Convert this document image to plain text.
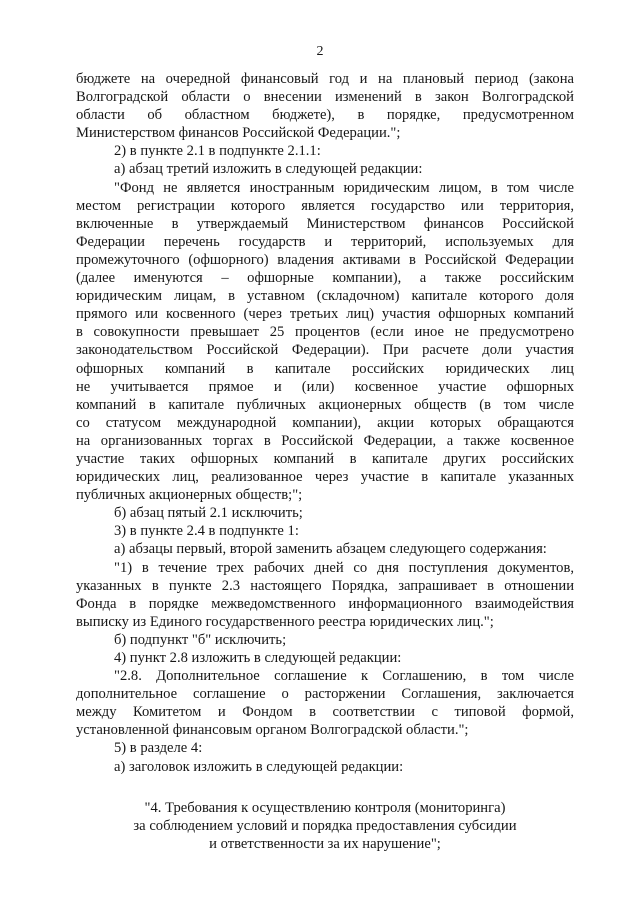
2
бюджете на очередной финансовый год и на плановый период (закона
Волгоградской области о внесении изменений в закон Волгоградской
области об областном бюджете), в порядке, предусмотренном
Министерством финансов Российской Федерации.";
2) в пункте 2.1 в подпункте 2.1.1:
а) абзац третий изложить в следующей редакции:
"Фонд не является иностранным юридическим лицом, в том числе
местом регистрации которого является государство или территория,
включенные в утверждаемый Министерством финансов Российской
Федерации перечень государств и территорий, используемых для
промежуточного (офшорного) владения активами в Российской Федерации
(далее именуются – офшорные компании), а также российским
юридическим лицам, в уставном (складочном) капитале которого доля
прямого или косвенного (через третьих лиц) участия офшорных компаний
в совокупности превышает 25 процентов (если иное не предусмотрено
законодательством Российской Федерации). При расчете доли участия
офшорных компаний в капитале российских юридических лиц
не учитывается прямое и (или) косвенное участие офшорных
компаний в капитале публичных акционерных обществ (в том числе
со статусом международной компании), акции которых обращаются
на организованных торгах в Российской Федерации, а также косвенное
участие таких офшорных компаний в капитале других российских
юридических лиц, реализованное через участие в капитале указанных
публичных акционерных обществ;";
б) абзац пятый 2.1 исключить;
3) в пункте 2.4 в подпункте 1:
а) абзацы первый, второй заменить абзацем следующего содержания:
"1) в течение трех рабочих дней со дня поступления документов,
указанных в пункте 2.3 настоящего Порядка, запрашивает в отношении
Фонда в порядке межведомственного информационного взаимодействия
выписку из Единого государственного реестра юридических лиц.";
б) подпункт "б" исключить;
4) пункт 2.8 изложить в следующей редакции:
"2.8. Дополнительное соглашение к Соглашению, в том числе
дополнительное соглашение о расторжении Соглашения, заключается
между Комитетом и Фондом в соответствии с типовой формой,
установленной финансовым органом Волгоградской области.";
5) в разделе 4:
а) заголовок изложить в следующей редакции:
"4. Требования к осуществлению контроля (мониторинга)
за соблюдением условий и порядка предоставления субсидии
и ответственности за их нарушение";
